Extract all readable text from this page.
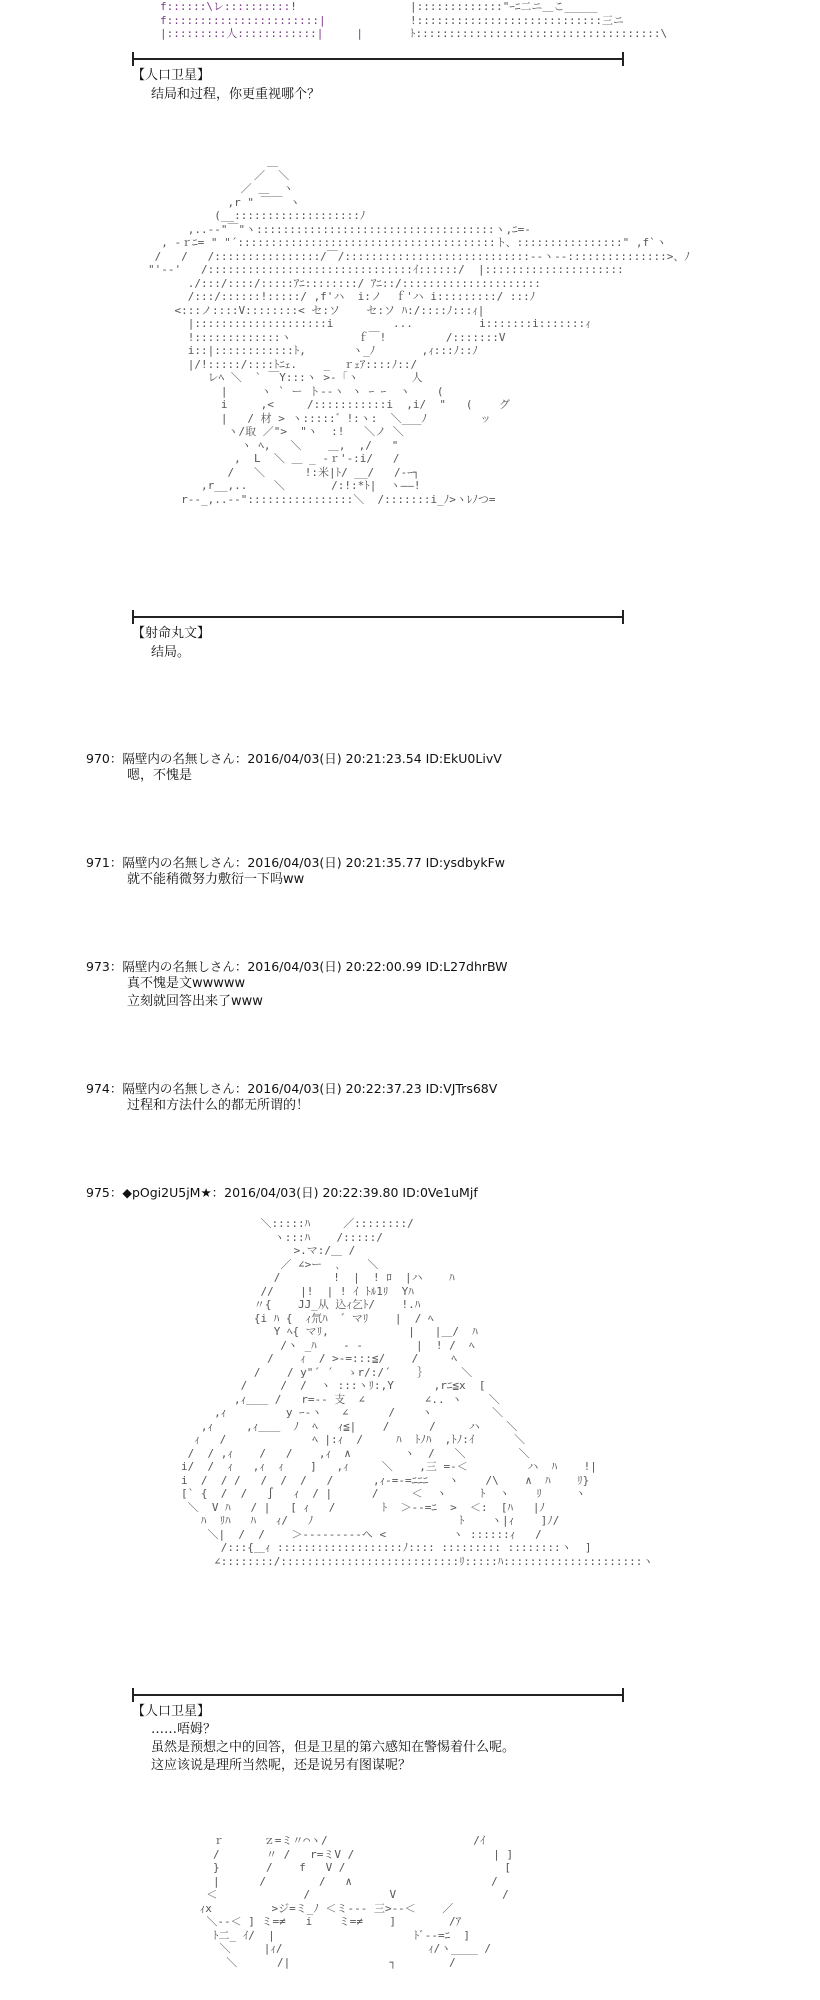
f::::::\レ::::::::::!
f:::::::::::::::::::::::|
|:::::::::人::::::::::::|     |
|:::::::::::::"ｰﾆ二ニ＿こ_____
!::::::::::::::::::::::::::::三ニ
ﾄ:::::::::::::::::::::::::::::::::::::\
【人口卫星】
结局和过程，你更重视哪个？
＿
／  ＼
／ ＿  ヽ
,r " ￣￣ ヽ
(__:::::::::::::::::::ﾉ
,..-‐"￣"ヽ::::::::::::::::::::::::::::::::::::ヽ,ﾆ=-
, -ｒﾆ= " "´:::::::::::::::::::::::::::::::::::::::ト、::::::::::::::::" ,f`ヽ
/   /   /::::::::::::::::/￣/::::::::::::::::::::::::::::-‐ヽ-‐:::::::::::::::>、ﾉ
"'--'   /:::::::::::::::::::::::::::::::ｲ::::::/  |:::::::::::::::::::::
./:::/::::/:::::ｱﾆ::::::::/ ｱﾆ::/:::::::::::::::::::::
/:::/::::::!:::::/ ,f'ハ  i:ノ  ｆ'ハ i:::::::::/ :::ﾉ
<:::ノ::::V::::::::< セ:ソ    セ:ソ ﾊ:/::::ﾉ:::ｨ|
|::::::::::::::::::::i         ...          i:::::::i:::::::ｨ
!:::::::::::::ヽ          ｆ￣!         /:::::::V
i::|::::::::::::ﾄ,       ヽ_ﾉ       ,ｨ:::ﾉ::ﾉ
|/!:::::/::::ﾄﾆｪ.    _  ｒｪｱ::::ﾉ::/
レﾍ ＼  ` ￣Y:::ヽ >-「ヽ        人
|     ヽ ` ー ト-‐ヽ ヽ ｰ ｰ  ヽ    (
i     ,<     /:::::::::::i  ,i/  "   (    グ
|   / 材 > ヽ:::::゛!:ヽ:  ＼___ﾉ        ッ
ヽ/取 ／">  "ヽ  :!   ＼ノ ＼
ヽ ﾍ,   ＼    ＿,  ,/   "
,  L  ＼ ＿ _ -ｒ'-:i/   /
/   ＼      !:米|ﾄ/ __/   /‐ｰ┐
,r__,..    ＼       /:!:*ﾄ|  ヽ――!
r‐-_,..-‐"::::::::::::::::＼  /:::::::i_ﾉ>ヽﾚﾉつ=
【射命丸文】
结局。
970：隔壁内の名無しさん：2016/04/03(日) 20:21:23.54 ID:EkU0LivV
嗯，不愧是
971：隔壁内の名無しさん：2016/04/03(日) 20:21:35.77 ID:ysdbykFw
就不能稍微努力敷衍一下吗ww
973：隔壁内の名無しさん：2016/04/03(日) 20:22:00.99 ID:L27dhrBW
真不愧是文wwwww
立刻就回答出来了www
974：隔壁内の名無しさん：2016/04/03(日) 20:22:37.23 ID:VJTrs68V
过程和方法什么的都无所谓的！
975：◆pOgi2U5jM★：2016/04/03(日) 20:22:39.80 ID:0Ve1uMjf
＼:::::ﾊ     ／::::::::/
ヽ:::ﾊ    /:::::/
>.マ:/＿ /
／ ∠>ー  ､    ＼
/        !  |  ! ﾛ  |ハ    ﾊ
//    |!  | ! ｲ ﾄﾙ1ﾘ  Yﾊ
〃{    JJ_从 込ｨ乞ﾄ/    !.ﾊ
{i ﾊ {  ｨ氘ﾊ  ゛マﾘ    |  / ﾍ
Y ﾍ{ マﾘ,            |   |＿/  ﾊ
/ヽ _ﾊ    ‐ ‐        |  ! /  ﾍ
/    ｨ  / >-=:::≦/    /     ﾍ
/    / y"´ ´  ゝr/:/´    ｝     ＼
/     /  /  ヽ :::ヽﾘ:,Y      ,rﾆ≦x  [
,ｨ＿＿ /   r=-- 支  ∠         ∠.. ヽ    ＼
,ｨ         y ｰ-ヽ   ∠      /    ヽ         ＼
,ｨ     ,ｨ＿＿  ﾉ  ﾍ   ｨ≦|    /      /     ハ    ＼
ｨ   /             ﾍ |:ｨ  /     ﾊ  ﾄﾉﾊ  ,ﾄﾉ:ｲ      ＼
/  / ,ｨ    /   /    ,ｨ  ∧        ヽ  /   ＼        ＼
i/  /  ｨ   ,ｨ  ｨ    ]   ,ｨ     ＼    ,三 =-＜         ハ  ﾊ    !|
i  /  / /   /  /  /   /      ,ｨ-=-=ﾆﾆﾆ   ヽ    /\    ∧  ﾊ    ﾘ}
[` {  /  /   ∫   ｨ  / |      /     ＜  ヽ     ﾄ  ヽ    ﾘ     ヽ
＼  V ﾊ   / |   [ ｨ   /       ﾄ  ＞--=ﾆ  >  ＜:  [ﾊ   |ﾉ
ﾊ  ﾘﾊ   ﾊ   ｨ/   ﾉ                      ﾄ    ヽ|ｨ    ]ﾉ/
＼|  /  /    ＞---------ヘ <          ヽ ::::::ｨ   /
/:::{＿ｨ :::::::::::::::::::ﾉ:::: ::::::::: ::::::::ヽ  ]
∠::::::::/:::::::::::::::::::::::::::ﾘ:::::ﾊ:::::::::::::::::::::ヽ
【人口卫星】
……唔姆？
虽然是预想之中的回答，但是卫星的第六感知在警惕着什么呢。
这应该说是理所当然呢，还是说另有图谋呢？
ｒ      ｚ=ミ〃⌒ヽ/                      /ｲ
/       〃 /   r=ミV /                     | ]
}       /    f   V /                        [
|      /        /   ∧                     /
＜             /            V                /
ｨx         >ジ=ミ_ﾉ ＜ミ--- 三>--＜    ／
＼--＜ ] ミ=≠   i    ミ=≠    ]        /ｱ
ﾄ二_ ｲ/  |                     ﾄﾞ--=ﾆ  ]
＼     |ｨ/                      ｨ/ヽ____ /
＼      /|               ┐        /
